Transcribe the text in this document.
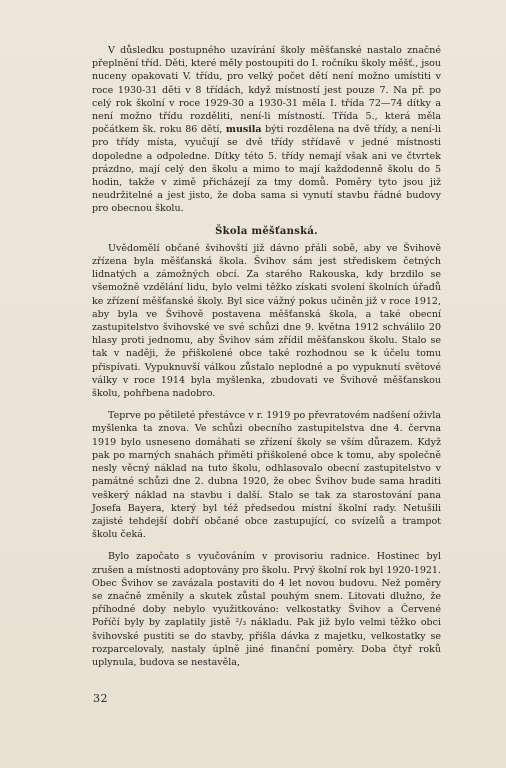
V důsledku postupného uzavírání školy měšťanské nastalo značné přeplnění tříd. Děti, které měly postoupiti do I. ročníku školy měšť., jsou nuceny opakovati V. třídu, pro velký počet dětí není možno umístiti v roce 1930-31 děti v 8 třídách, když místností jest pouze 7. Na př. po celý rok školní v roce 1929-30 a 1930-31 měla I. třída 72—74 dítky a není možno třídu rozděliti, není-li místností. Třída 5., která měla počátkem šk. roku 86 dětí, musila býti rozdělena na dvě třídy, a není-li pro třídy místa, vyučují se dvě třídy střídavě v jedné místnosti dopoledne a odpoledne. Dítky této 5. třídy nemají však ani ve čtvrtek prázdno, mají celý den školu a mimo to mají každodenně školu do 5 hodin, takže v zimě přicházejí za tmy domů. Poměry tyto jsou již neudržitelné a jest jisto, že doba sama si vynutí stavbu řádné budovy pro obecnou školu.

Škola měšťanská.

Uvědomělí občané švihovští již dávno přáli sobě, aby ve Švihově zřízena byla měšťanská škola. Švihov sám jest střediskem četných lidnatých a zámožných obcí. Za starého Rakouska, kdy brzdilo se všemožně vzdělání lidu, bylo velmi těžko získati svolení školních úřadů ke zřízení měšťanské školy. Byl sice vážný pokus učiněn již v roce 1912, aby byla ve Švihově postavena měšťanská škola, a také obecní zastupitelstvo švihovské ve své schůzi dne 9. května 1912 schválilo 20 hlasy proti jednomu, aby Švihov sám zřídil měšťanskou školu. Stalo se tak v naději, že přiškolené obce také rozhodnou se k účelu tomu přispívati. Vypuknuvší válkou zůstalo neplodné a po vypuknutí světové války v roce 1914 byla myšlenka, zbudovati ve Švihově měšťanskou školu, pohřbena nadobro.

Teprve po pětileté přestávce v r. 1919 po převratovém nadšení oživla myšlenka ta znova. Ve schůzi obecního zastupitelstva dne 4. června 1919 bylo usneseno domáhati se zřízení školy se vším důrazem. Když pak po marných snahách přiměti přiškolené obce k tomu, aby společně nesly věcný náklad na tuto školu, odhlasovalo obecní zastupitelstvo v památné schůzi dne 2. dubna 1920, že obec Švihov bude sama hraditi veškerý náklad na stavbu i další. Stalo se tak za starostování pana Josefa Bayera, který byl též předsedou místní školní rady. Netušili zajisté tehdejší dobří občané obce zastupující, co svízelů a trampot školu čeká.

Bylo započato s vyučováním v provisoriu radnice. Hostinec byl zrušen a místnosti adoptovány pro školu. Prvý školní rok byl 1920-1921. Obec Švihov se zavázala postaviti do 4 let novou budovu. Než poměry se značně změnily a skutek zůstal pouhým snem. Litovati dlužno, že příhodné doby nebylo využitkováno: velkostatky Švihov a Červené Poříčí byly by zaplatily jistě ²/₃ nákladu. Pak již bylo velmi těžko obci švihovské pustiti se do stavby, přišla dávka z majetku, velkostatky se rozparcelovaly, nastaly úplně jiné finanční poměry. Doba čtyř roků uplynula, budova se nestavěla,

32
